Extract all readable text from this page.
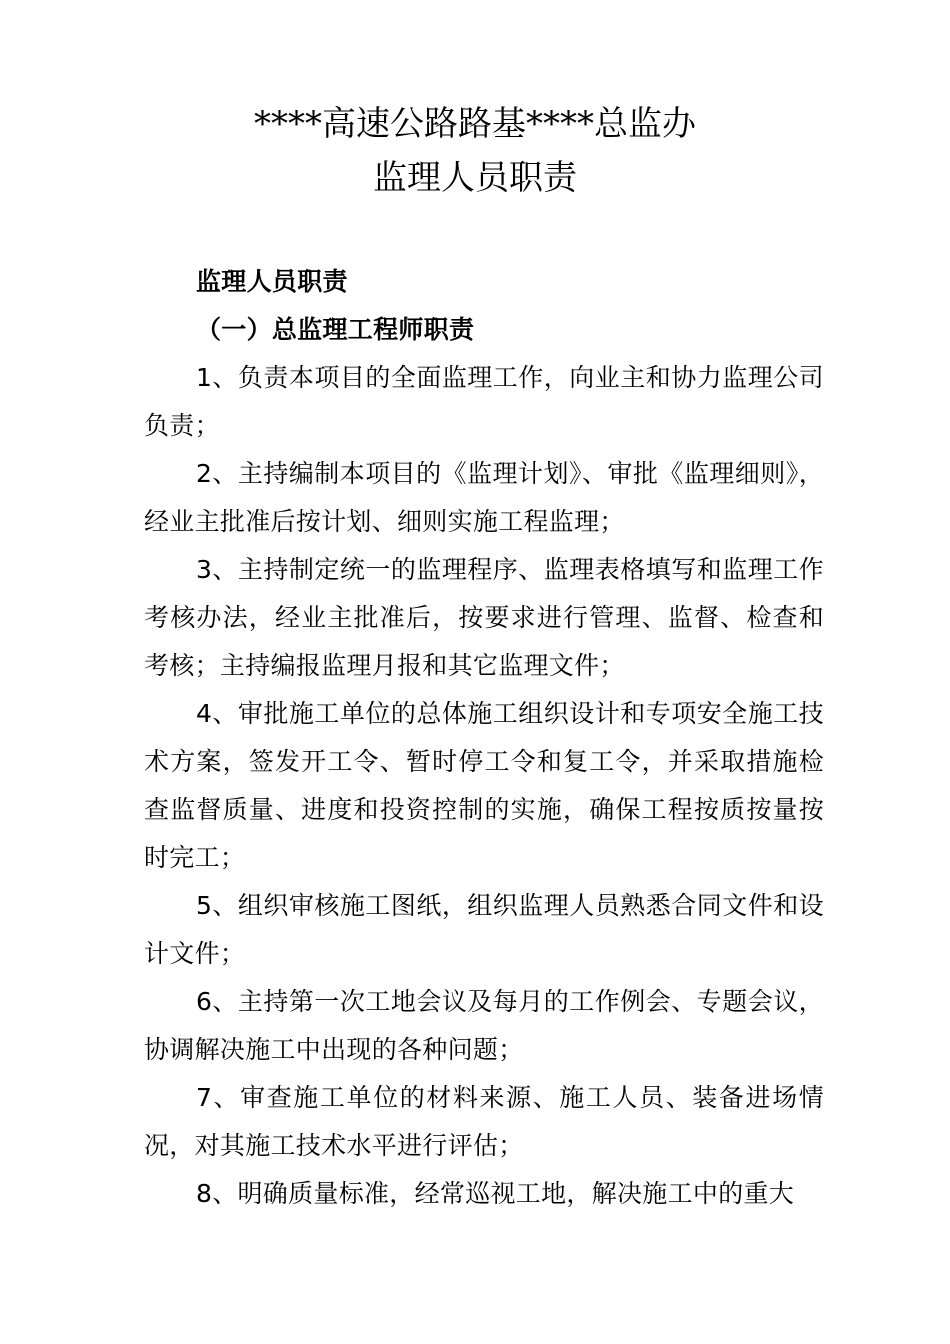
****高速公路路基****总监办
监理人员职责

监理人员职责

（一）总监理工程师职责

1、负责本项目的全面监理工作，向业主和协力监理公司负责；

2、主持编制本项目的《监理计划》、审批《监理细则》，经业主批准后按计划、细则实施工程监理；

3、主持制定统一的监理程序、监理表格填写和监理工作考核办法，经业主批准后，按要求进行管理、监督、检查和考核；主持编报监理月报和其它监理文件；

4、审批施工单位的总体施工组织设计和专项安全施工技术方案，签发开工令、暂时停工令和复工令，并采取措施检查监督质量、进度和投资控制的实施，确保工程按质按量按时完工；

5、组织审核施工图纸，组织监理人员熟悉合同文件和设计文件；

6、主持第一次工地会议及每月的工作例会、专题会议，协调解决施工中出现的各种问题；

7、审查施工单位的材料来源、施工人员、装备进场情况，对其施工技术水平进行评估；

8、明确质量标准，经常巡视工地，解决施工中的重大
